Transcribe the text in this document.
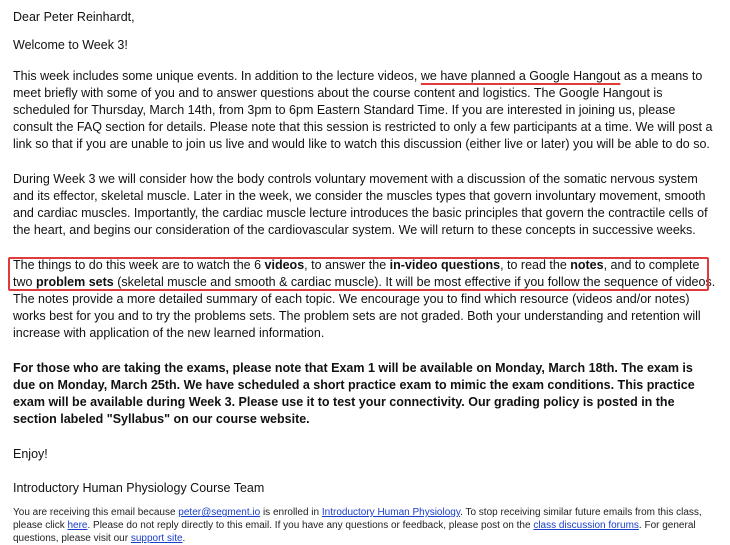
Dear Peter Reinhardt,

Welcome to Week 3!

This week includes some unique events. In addition to the lecture videos, we have planned a Google Hangout as a means to meet briefly with some of you and to answer questions about the course content and logistics. The Google Hangout is scheduled for Thursday, March 14th, from 3pm to 6pm Eastern Standard Time. If you are interested in joining us, please consult the FAQ section for details. Please note that this session is restricted to only a few participants at a time. We will post a link so that if you are unable to join us live and would like to watch this discussion (either live or later) you will be able to do so.

During Week 3 we will consider how the body controls voluntary movement with a discussion of the somatic nervous system and its effector, skeletal muscle. Later in the week, we consider the muscles types that govern involuntary movement, smooth and cardiac muscles. Importantly, the cardiac muscle lecture introduces the basic principles that govern the contractile cells of the heart, and begins our consideration of the cardiovascular system. We will return to these concepts in successive weeks.

The things to do this week are to watch the 6 videos, to answer the in-video questions, to read the notes, and to complete two problem sets (skeletal muscle and smooth & cardiac muscle). It will be most effective if you follow the sequence of videos. The notes provide a more detailed summary of each topic. We encourage you to find which resource (videos and/or notes) works best for you and to try the problems sets. The problem sets are not graded. Both your understanding and retention will increase with application of the new learned information.

For those who are taking the exams, please note that Exam 1 will be available on Monday, March 18th. The exam is due on Monday, March 25th. We have scheduled a short practice exam to mimic the exam conditions. This practice exam will be available during Week 3. Please use it to test your connectivity. Our grading policy is posted in the section labeled "Syllabus" on our course website.

Enjoy!

Introductory Human Physiology Course Team

You are receiving this email because peter@segment.io is enrolled in Introductory Human Physiology. To stop receiving similar future emails from this class, please click here. Please do not reply directly to this email. If you have any questions or feedback, please post on the class discussion forums. For general questions, please visit our support site.
